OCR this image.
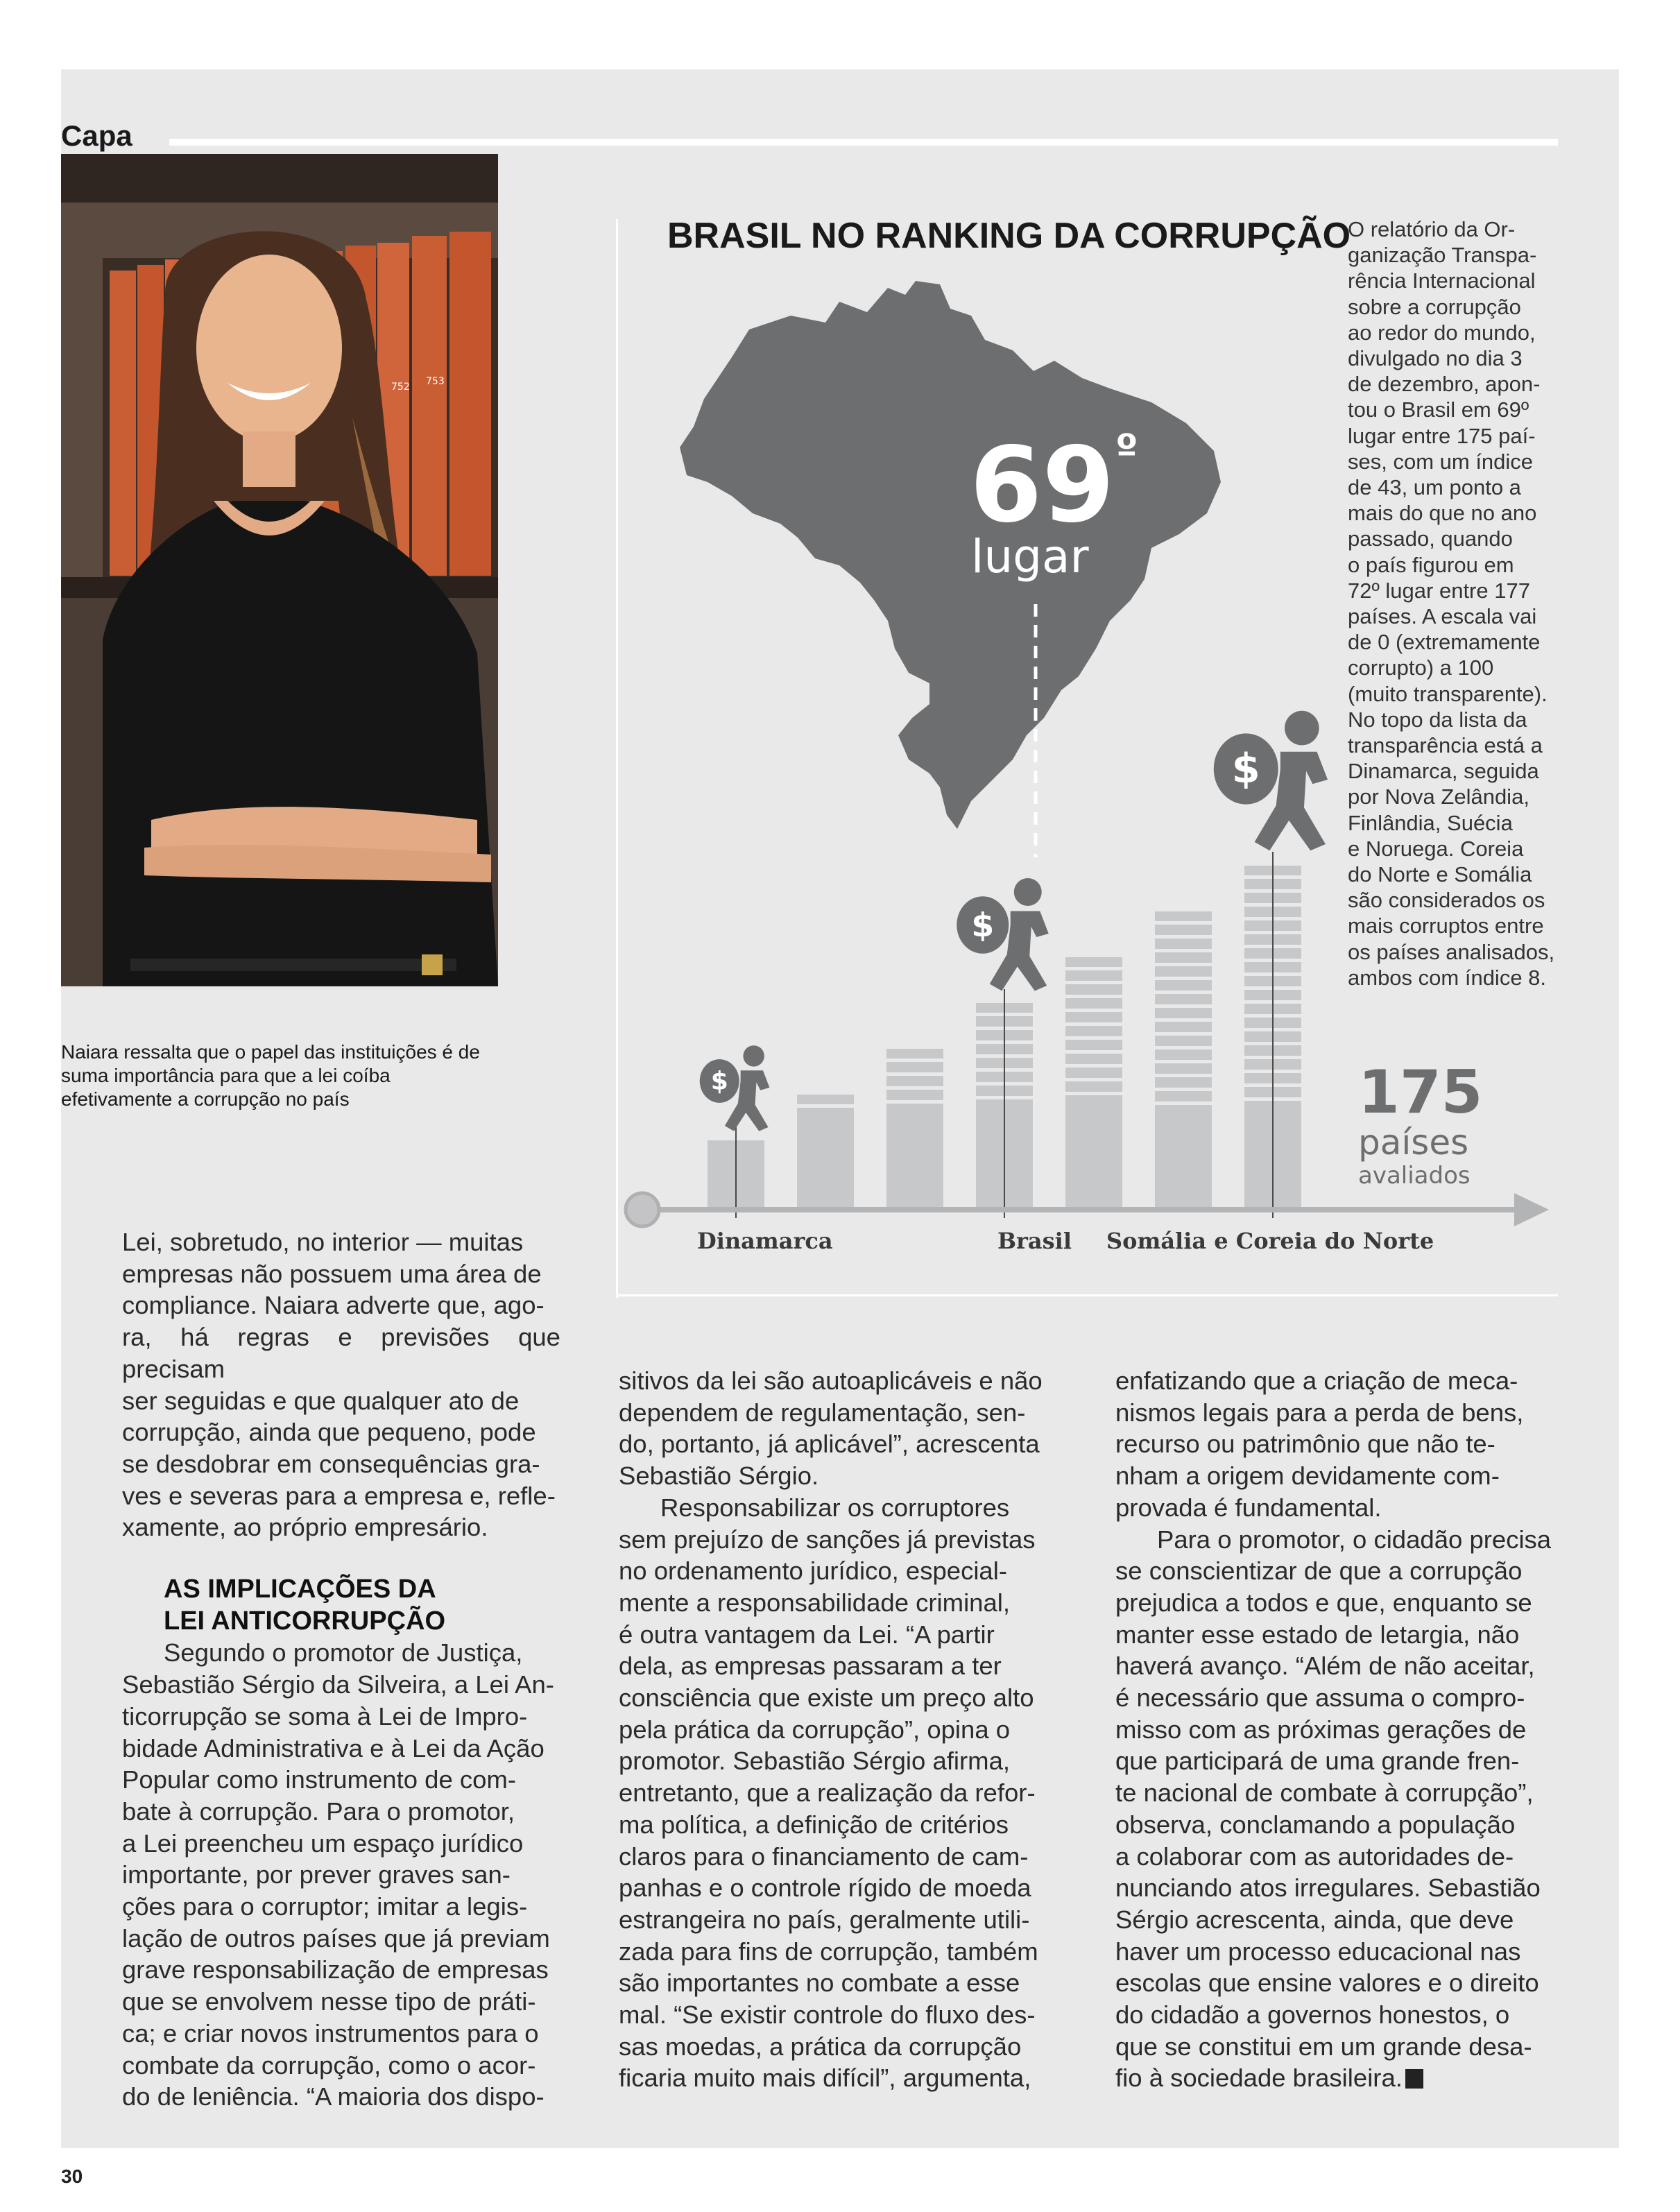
Capa
752 753
Naiara ressalta que o papel das instituições é de suma importância para que a lei coíba efetivamente a corrupção no país

Lei, sobretudo, no interior — muitas

empresas não possuem uma área de

compliance. Naiara adverte que, ago-

ra, há regras e previsões que precisam

ser seguidas e que qualquer ato de

corrupção, ainda que pequeno, pode

se desdobrar em consequências gra-

ves e severas para a empresa e, refle-

xamente, ao próprio empresário.

AS IMPLICAÇÕES DA
LEI ANTICORRUPÇÃO

Segundo o promotor de Justiça,

Sebastião Sérgio da Silveira, a Lei An-

ticorrupção se soma à Lei de Impro-

bidade Administrativa e à Lei da Ação

Popular como instrumento de com-

bate à corrupção. Para o promotor,

a Lei preencheu um espaço jurídico

importante, por prever graves san-

ções para o corruptor; imitar a legis-

lação de outros países que já previam

grave responsabilização de empresas

que se envolvem nesse tipo de práti-

ca; e criar novos instrumentos para o

combate da corrupção, como o acor-

do de leniência. “A maioria dos dispo-

sitivos da lei são autoaplicáveis e não

dependem de regulamentação, sen-

do, portanto, já aplicável”, acrescenta

Sebastião Sérgio.

Responsabilizar os corruptores

sem prejuízo de sanções já previstas

no ordenamento jurídico, especial-

mente a responsabilidade criminal,

é outra vantagem da Lei. “A partir

dela, as empresas passaram a ter

consciência que existe um preço alto

pela prática da corrupção”, opina o

promotor. Sebastião Sérgio afirma,

entretanto, que a realização da refor-

ma política, a definição de critérios

claros para o financiamento de cam-

panhas e o controle rígido de moeda

estrangeira no país, geralmente utili-

zada para fins de corrupção, também

são importantes no combate a esse

mal. “Se existir controle do fluxo des-

sas moedas, a prática da corrupção

ficaria muito mais difícil”, argumenta,

enfatizando que a criação de meca-

nismos legais para a perda de bens,

recurso ou patrimônio que não te-

nham a origem devidamente com-

provada é fundamental.

Para o promotor, o cidadão precisa

se conscientizar de que a corrupção

prejudica a todos e que, enquanto se

manter esse estado de letargia, não

haverá avanço. “Além de não aceitar,

é necessário que assuma o compro-

misso com as próximas gerações de

que participará de uma grande fren-

te nacional de combate à corrupção”,

observa, conclamando a população

a colaborar com as autoridades de-

nunciando atos irregulares. Sebastião

Sérgio acrescenta, ainda, que deve

haver um processo educacional nas

escolas que ensine valores e o direito

do cidadão a governos honestos, o

que se constitui em um grande desa-

fio à sociedade brasileira.

30
BRASIL NO RANKING DA CORRUPÇÃO
O relatório da Or-
ganização Transpa-
rência Internacional
sobre a corrupção
ao redor do mundo,
divulgado no dia 3
de dezembro, apon-
tou o Brasil em 69º
lugar entre 175 paí-
ses, com um índice
de 43, um ponto a
mais do que no ano
passado, quando
o país figurou em
72º lugar entre 177
países. A escala vai
de 0 (extremamente
corrupto) a 100
(muito transparente).
No topo da lista da
transparência está a
Dinamarca, seguida
por Nova Zelândia,
Finlândia, Suécia
e Noruega. Coreia
do Norte e Somália
são considerados os
mais corruptos entre
os países analisados,
ambos com índice 8.
69 º
lugar
Dinamarca	Brasil Somália e Coreia do Norte
$
$
$
175
países
avaliados
